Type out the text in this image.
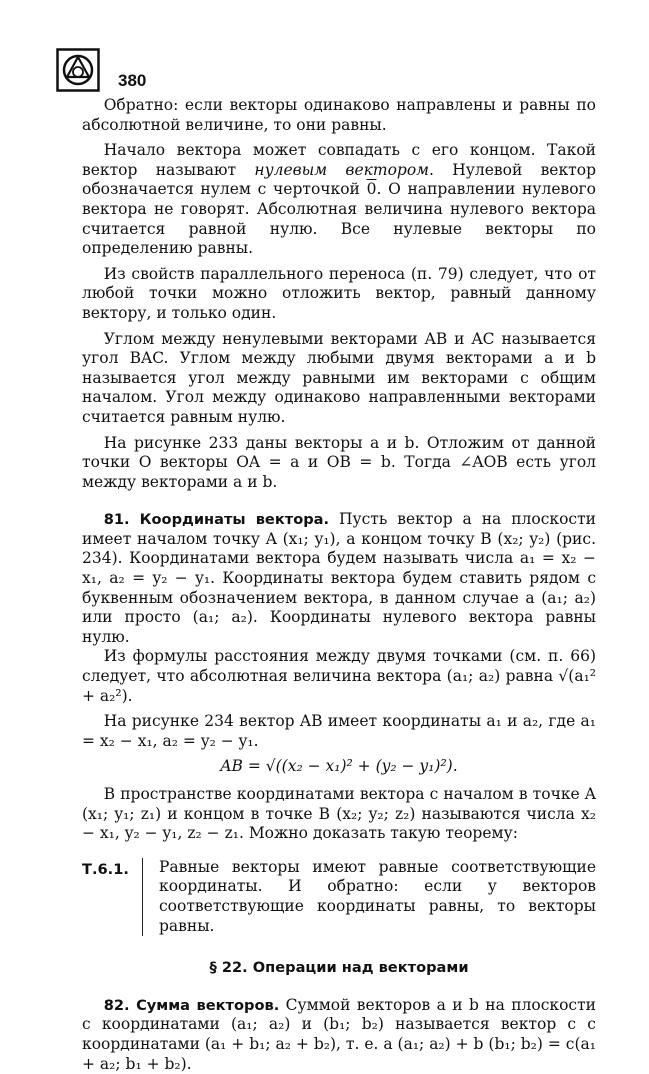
380

Обратно: если векторы одинаково направлены и равны по абсолютной величине, то они равны.

Начало вектора может совпадать с его концом. Такой вектор называют нулевым вектором. Нулевой вектор обозначается нулем с черточкой 0. О направлении нулевого вектора не говорят. Абсолютная величина нулевого вектора считается равной нулю. Все нулевые векторы по определению равны.

Из свойств параллельного переноса (п. 79) следует, что от любой точки можно отложить вектор, равный данному вектору, и только один.

Углом между ненулевыми векторами AB и AC называется угол BAC. Углом между любыми двумя векторами a и b называется угол между равными им векторами с общим началом. Угол между одинаково направленными векторами считается равным нулю.

На рисунке 233 даны векторы a и b. Отложим от данной точки O векторы OA = a и OB = b. Тогда ∠AOB есть угол между векторами a и b.

81. Координаты вектора. Пусть вектор a на плоскости имеет началом точку A (x₁; y₁), а концом точку B (x₂; y₂) (рис. 234). Координатами вектора будем называть числа a₁ = x₂ − x₁, a₂ = y₂ − y₁. Координаты вектора будем ставить рядом с буквенным обозначением вектора, в данном случае a (a₁; a₂) или просто (a₁; a₂). Координаты нулевого вектора равны нулю.

Из формулы расстояния между двумя точками (см. п. 66) следует, что абсолютная величина вектора (a₁; a₂) равна √(a₁² + a₂²).

На рисунке 234 вектор AB имеет координаты a₁ и a₂, где a₁ = x₂ − x₁, a₂ = y₂ − y₁.

AB = √((x₂ − x₁)² + (y₂ − y₁)²).

В пространстве координатами вектора с началом в точке A (x₁; y₁; z₁) и концом в точке B (x₂; y₂; z₂) называются числа x₂ − x₁, y₂ − y₁, z₂ − z₁. Можно доказать такую теорему:

Т.6.1.	Равные векторы имеют равные соответствующие координаты. И обратно: если у векторов соответствующие координаты равны, то векторы равны.
§ 22. Операции над векторами

82. Сумма векторов. Суммой векторов a и b на плоскости с координатами (a₁; a₂) и (b₁; b₂) называется вектор c с координатами (a₁ + b₁; a₂ + b₂), т. е. a (a₁; a₂) + b (b₁; b₂) = c(a₁ + a₂; b₁ + b₂).
